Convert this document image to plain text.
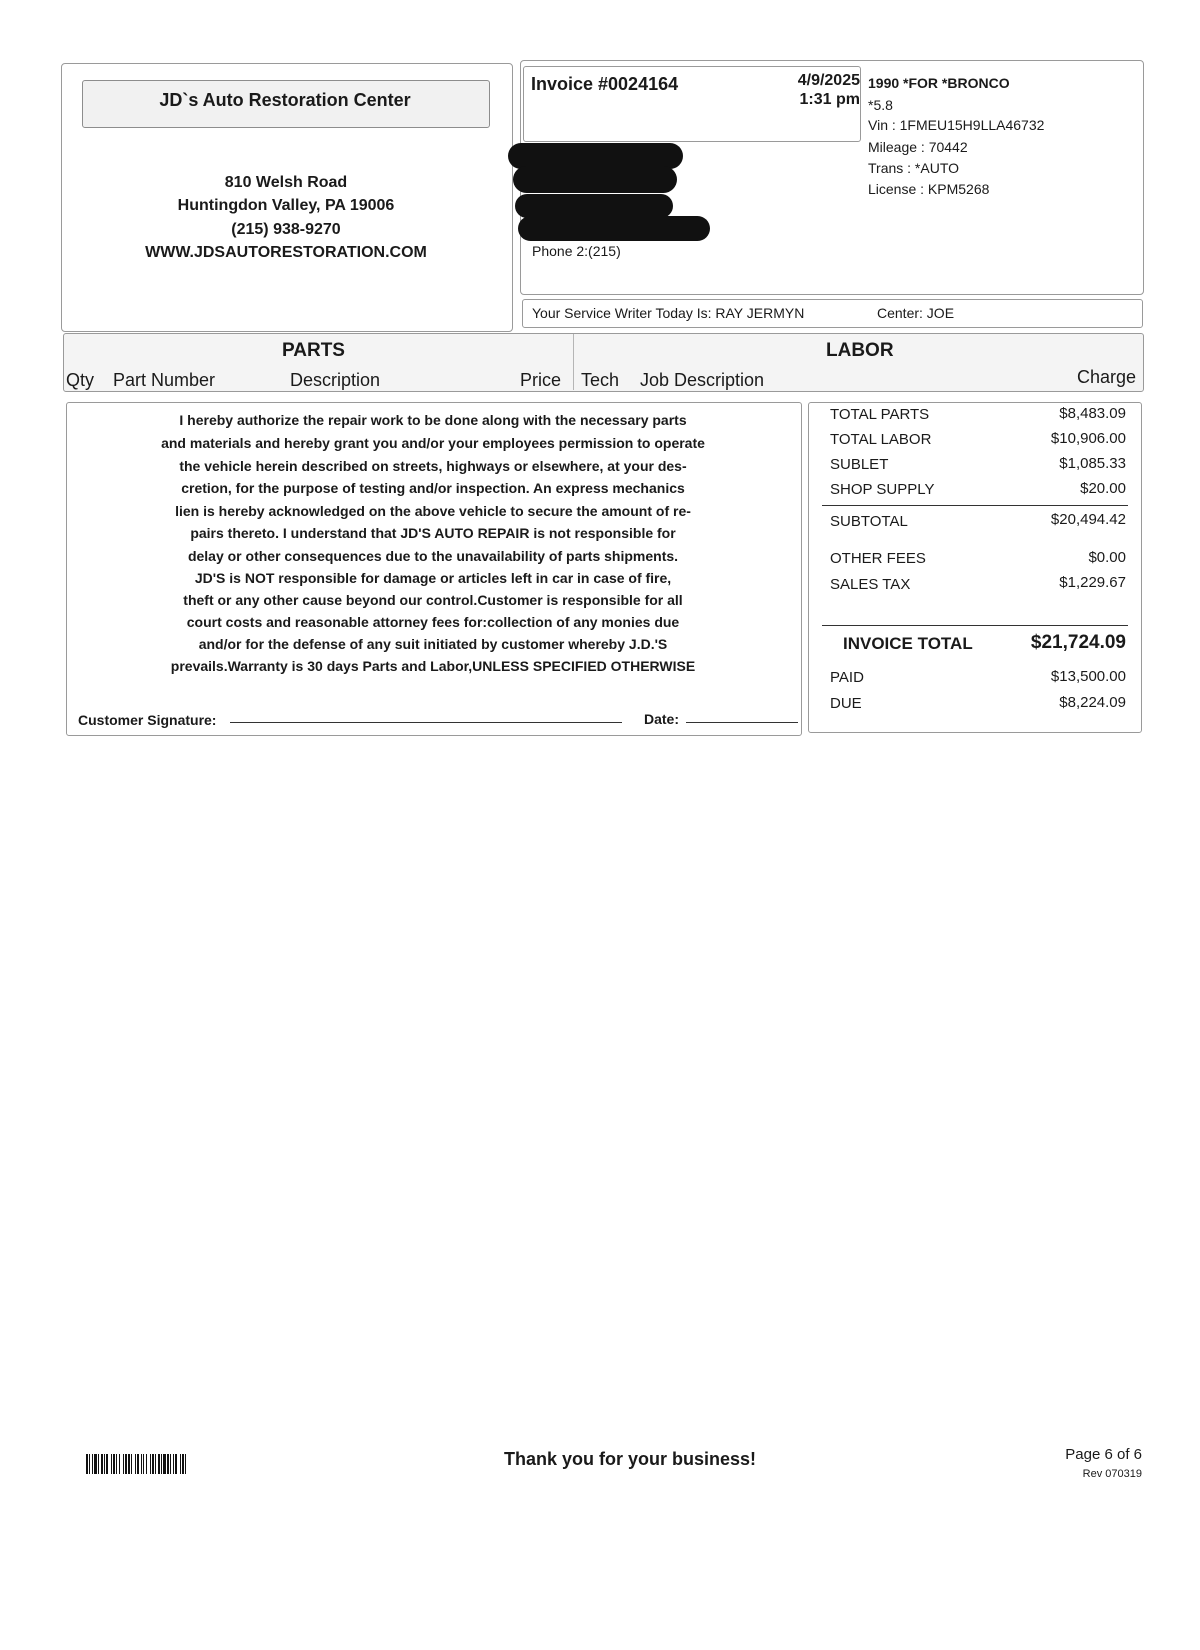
JD`s Auto Restoration Center
810 Welsh Road
Huntingdon Valley, PA 19006
(215) 938-9270
WWW.JDSAUTORESTORATION.COM
Invoice #0024164	4/9/2025
1:31 pm
1990 *FOR *BRONCO
*5.8
Vin : 1FMEU15H9LLA46732
Mileage : 70442
Trans : *AUTO
License : KPM5268
Phone 2:(215)
Your Service Writer Today Is: RAY JERMYN	Center: JOE
PARTS	LABOR
Qty Part Number	Description	Price Tech Job Description	Charge
I hereby authorize the repair work to be done along with the necessary parts
and materials and hereby grant you and/or your employees permission to operate
the vehicle herein described on streets, highways or elsewhere, at your des-
cretion, for the purpose of testing and/or inspection. An express mechanics
lien is hereby acknowledged on the above vehicle to secure the amount of re-
pairs thereto. I understand that JD'S AUTO REPAIR is not responsible for
delay or other consequences due to the unavailability of parts shipments.
JD'S is NOT responsible for damage or articles left in car in case of fire,
theft or any other cause beyond our control.Customer is responsible for all
court costs and reasonable attorney fees for:collection of any monies due
and/or for the defense of any suit initiated by customer whereby J.D.'S
prevails.Warranty is 30 days Parts and Labor,UNLESS SPECIFIED OTHERWISE
Customer Signature:	Date:
TOTAL PARTS	$8,483.09
TOTAL LABOR	$10,906.00
SUBLET	$1,085.33
SHOP SUPPLY	$20.00
SUBTOTAL	$20,494.42
OTHER FEES	$0.00
SALES TAX	$1,229.67
INVOICE TOTAL	$21,724.09
PAID	$13,500.00
DUE	$8,224.09
Thank you for your business!	Page 6 of 6
Rev 070319
